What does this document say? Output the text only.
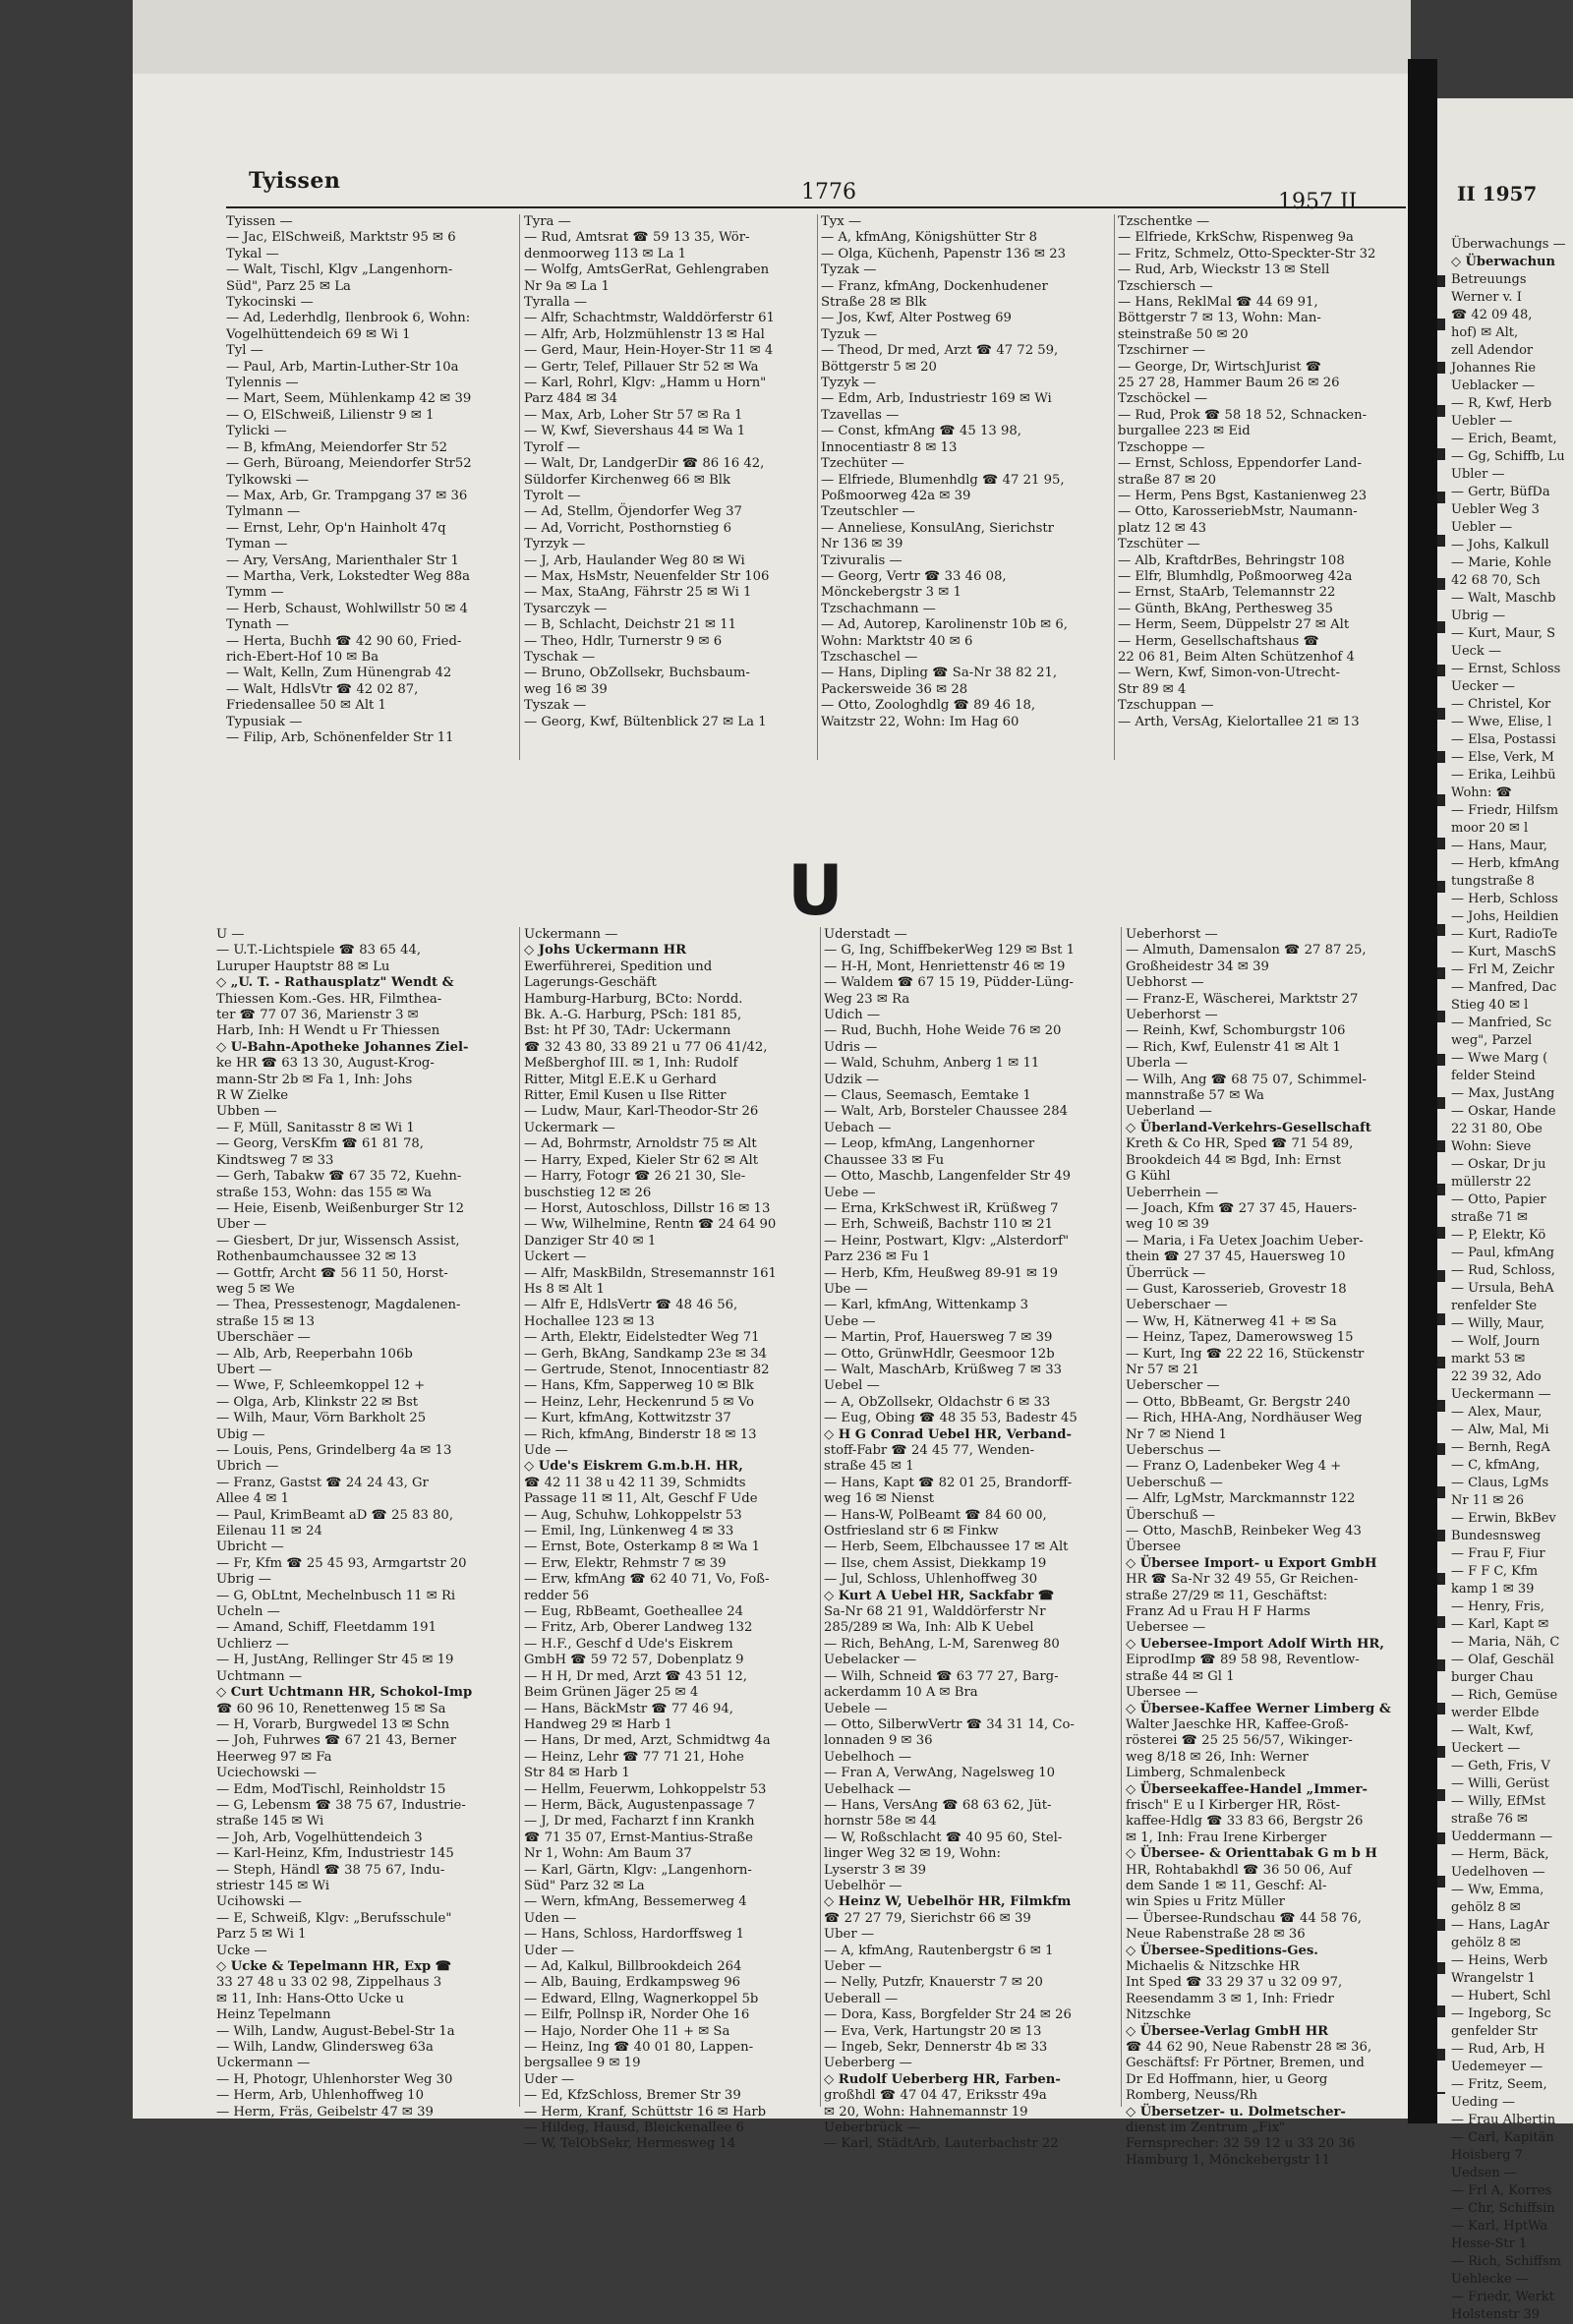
Tyissen	1776	1957 II
Tyissen —
— Jac, ElSchweiß, Marktstr 95 ✉ 6
Tykal —
— Walt, Tischl, Klgv „Langenhorn-
Süd", Parz 25 ✉ La
Tykocinski —
— Ad, Lederhdlg, Ilenbrook 6, Wohn:
Vogelhüttendeich 69 ✉ Wi 1
Tyl —
— Paul, Arb, Martin-Luther-Str 10a
Tylennis —
— Mart, Seem, Mühlenkamp 42 ✉ 39
— O, ElSchweiß, Lilienstr 9 ✉ 1
Tylicki —
— B, kfmAng, Meiendorfer Str 52
— Gerh, Büroang, Meiendorfer Str52
Tylkowski —
— Max, Arb, Gr. Trampgang 37 ✉ 36
Tylmann —
— Ernst, Lehr, Op'n Hainholt 47q
Tyman —
— Ary, VersAng, Marienthaler Str 1
— Martha, Verk, Lokstedter Weg 88a
Tymm —
— Herb, Schaust, Wohlwillstr 50 ✉ 4
Tynath —
— Herta, Buchh ☎ 42 90 60, Fried-
rich-Ebert-Hof 10 ✉ Ba
— Walt, Kelln, Zum Hünengrab 42
— Walt, HdlsVtr ☎ 42 02 87,
Friedensallee 50 ✉ Alt 1
Typusiak —
— Filip, Arb, Schönenfelder Str 11
Tyra —
— Rud, Amtsrat ☎ 59 13 35, Wör-
denmoorweg 113 ✉ La 1
— Wolfg, AmtsGerRat, Gehlengraben
Nr 9a ✉ La 1
Tyralla —
— Alfr, Schachtmstr, Walddörferstr 61
— Alfr, Arb, Holzmühlenstr 13 ✉ Hal
— Gerd, Maur, Hein-Hoyer-Str 11 ✉ 4
— Gertr, Telef, Pillauer Str 52 ✉ Wa
— Karl, Rohrl, Klgv: „Hamm u Horn"
Parz 484 ✉ 34
— Max, Arb, Loher Str 57 ✉ Ra 1
— W, Kwf, Sievershaus 44 ✉ Wa 1
Tyrolf —
— Walt, Dr, LandgerDir ☎ 86 16 42,
Süldorfer Kirchenweg 66 ✉ Blk
Tyrolt —
— Ad, Stellm, Öjendorfer Weg 37
— Ad, Vorricht, Posthornstieg 6
Tyrzyk —
— J, Arb, Haulander Weg 80 ✉ Wi
— Max, HsMstr, Neuenfelder Str 106
— Max, StaAng, Fährstr 25 ✉ Wi 1
Tysarczyk —
— B, Schlacht, Deichstr 21 ✉ 11
— Theo, Hdlr, Turnerstr 9 ✉ 6
Tyschak —
— Bruno, ObZollsekr, Buchsbaum-
weg 16 ✉ 39
Tyszak —
— Georg, Kwf, Bültenblick 27 ✉ La 1
Tyx —
— A, kfmAng, Königshütter Str 8
— Olga, Küchenh, Papenstr 136 ✉ 23
Tyzak —
— Franz, kfmAng, Dockenhudener
Straße 28 ✉ Blk
— Jos, Kwf, Alter Postweg 69
Tyzuk —
— Theod, Dr med, Arzt ☎ 47 72 59,
Böttgerstr 5 ✉ 20
Tyzyk —
— Edm, Arb, Industriestr 169 ✉ Wi
Tzavellas —
— Const, kfmAng ☎ 45 13 98,
Innocentiastr 8 ✉ 13
Tzechüter —
— Elfriede, Blumenhdlg ☎ 47 21 95,
Poßmoorweg 42a ✉ 39
Tzeutschler —
— Anneliese, KonsulAng, Sierichstr
Nr 136 ✉ 39
Tzivuralis —
— Georg, Vertr ☎ 33 46 08,
Mönckebergstr 3 ✉ 1
Tzschachmann —
— Ad, Autorep, Karolinenstr 10b ✉ 6,
Wohn: Marktstr 40 ✉ 6
Tzschaschel —
— Hans, Dipling ☎ Sa-Nr 38 82 21,
Packersweide 36 ✉ 28
— Otto, Zoologhdlg ☎ 89 46 18,
Waitzstr 22, Wohn: Im Hag 60
Tzschentke —
— Elfriede, KrkSchw, Rispenweg 9a
— Fritz, Schmelz, Otto-Speckter-Str 32
— Rud, Arb, Wieckstr 13 ✉ Stell
Tzschiersch —
— Hans, ReklMal ☎ 44 69 91,
Böttgerstr 7 ✉ 13, Wohn: Man-
steinstraße 50 ✉ 20
Tzschirner —
— George, Dr, WirtschJurist ☎
25 27 28, Hammer Baum 26 ✉ 26
Tzschöckel —
— Rud, Prok ☎ 58 18 52, Schnacken-
burgallee 223 ✉ Eid
Tzschoppe —
— Ernst, Schloss, Eppendorfer Land-
straße 87 ✉ 20
— Herm, Pens Bgst, Kastanienweg 23
— Otto, KarosseriebMstr, Naumann-
platz 12 ✉ 43
Tzschüter —
— Alb, KraftdrBes, Behringstr 108
— Elfr, Blumhdlg, Poßmoorweg 42a
— Ernst, StaArb, Telemannstr 22
— Günth, BkAng, Perthesweg 35
— Herm, Seem, Düppelstr 27 ✉ Alt
— Herm, Gesellschaftshaus ☎
22 06 81, Beim Alten Schützenhof 4
— Wern, Kwf, Simon-von-Utrecht-
Str 89 ✉ 4
Tzschuppan —
— Arth, VersAg, Kielortallee 21 ✉ 13
U
U —
— U.T.-Lichtspiele ☎ 83 65 44,
Luruper Hauptstr 88 ✉ Lu
◇ „U. T. - Rathausplatz" Wendt &
Thiessen Kom.-Ges. HR, Filmthea-
ter ☎ 77 07 36, Marienstr 3 ✉
Harb, Inh: H Wendt u Fr Thiessen
◇ U-Bahn-Apotheke Johannes Ziel-
ke HR ☎ 63 13 30, August-Krog-
mann-Str 2b ✉ Fa 1, Inh: Johs
R W Zielke
Ubben —
— F, Müll, Sanitasstr 8 ✉ Wi 1
— Georg, VersKfm ☎ 61 81 78,
Kindtsweg 7 ✉ 33
— Gerh, Tabakw ☎ 67 35 72, Kuehn-
straße 153, Wohn: das 155 ✉ Wa
— Heie, Eisenb, Weißenburger Str 12
Uber —
— Giesbert, Dr jur, Wissensch Assist,
Rothenbaumchaussee 32 ✉ 13
— Gottfr, Archt ☎ 56 11 50, Horst-
weg 5 ✉ We
— Thea, Pressestenogr, Magdalenen-
straße 15 ✉ 13
Uberschäer —
— Alb, Arb, Reeperbahn 106b
Ubert —
— Wwe, F, Schleemkoppel 12 +
— Olga, Arb, Klinkstr 22 ✉ Bst
— Wilh, Maur, Vörn Barkholt 25
Ubig —
— Louis, Pens, Grindelberg 4a ✉ 13
Ubrich —
— Franz, Gastst ☎ 24 24 43, Gr
Allee 4 ✉ 1
— Paul, KrimBeamt aD ☎ 25 83 80,
Eilenau 11 ✉ 24
Ubricht —
— Fr, Kfm ☎ 25 45 93, Armgartstr 20
Ubrig —
— G, ObLtnt, Mechelnbusch 11 ✉ Ri
Ucheln —
— Amand, Schiff, Fleetdamm 191
Uchlierz —
— H, JustAng, Rellinger Str 45 ✉ 19
Uchtmann —
◇ Curt Uchtmann HR, Schokol-Imp
☎ 60 96 10, Renettenweg 15 ✉ Sa
— H, Vorarb, Burgwedel 13 ✉ Schn
— Joh, Fuhrwes ☎ 67 21 43, Berner
Heerweg 97 ✉ Fa
Uciechowski —
— Edm, ModTischl, Reinholdstr 15
— G, Lebensm ☎ 38 75 67, Industrie-
straße 145 ✉ Wi
— Joh, Arb, Vogelhüttendeich 3
— Karl-Heinz, Kfm, Industriestr 145
— Steph, Händl ☎ 38 75 67, Indu-
striestr 145 ✉ Wi
Ucihowski —
— E, Schweiß, Klgv: „Berufsschule"
Parz 5 ✉ Wi 1
Ucke —
◇ Ucke & Tepelmann HR, Exp ☎
33 27 48 u 33 02 98, Zippelhaus 3
✉ 11, Inh: Hans-Otto Ucke u
Heinz Tepelmann
— Wilh, Landw, August-Bebel-Str 1a
— Wilh, Landw, Glindersweg 63a
Uckermann —
— H, Photogr, Uhlenhorster Weg 30
— Herm, Arb, Uhlenhoffweg 10
— Herm, Fräs, Geibelstr 47 ✉ 39
Uckermann —
◇ Johs Uckermann HR
Ewerführerei, Spedition und
Lagerungs-Geschäft
Hamburg-Harburg, BCto: Nordd.
Bk. A.-G. Harburg, PSch: 181 85,
Bst: ht Pf 30, TAdr: Uckermann
☎ 32 43 80, 33 89 21 u 77 06 41/42,
Meßberghof III. ✉ 1, Inh: Rudolf
Ritter, Mitgl E.E.K u Gerhard
Ritter, Emil Kusen u Ilse Ritter
— Ludw, Maur, Karl-Theodor-Str 26
Uckermark —
— Ad, Bohrmstr, Arnoldstr 75 ✉ Alt
— Harry, Exped, Kieler Str 62 ✉ Alt
— Harry, Fotogr ☎ 26 21 30, Sle-
buschstieg 12 ✉ 26
— Horst, Autoschloss, Dillstr 16 ✉ 13
— Ww, Wilhelmine, Rentn ☎ 24 64 90
Danziger Str 40 ✉ 1
Uckert —
— Alfr, MaskBildn, Stresemannstr 161
Hs 8 ✉ Alt 1
— Alfr E, HdlsVertr ☎ 48 46 56,
Hochallee 123 ✉ 13
— Arth, Elektr, Eidelstedter Weg 71
— Gerh, BkAng, Sandkamp 23e ✉ 34
— Gertrude, Stenot, Innocentiastr 82
— Hans, Kfm, Sapperweg 10 ✉ Blk
— Heinz, Lehr, Heckenrund 5 ✉ Vo
— Kurt, kfmAng, Kottwitzstr 37
— Rich, kfmAng, Binderstr 18 ✉ 13
Ude —
◇ Ude's Eiskrem G.m.b.H. HR,
☎ 42 11 38 u 42 11 39, Schmidts
Passage 11 ✉ 11, Alt, Geschf F Ude
— Aug, Schuhw, Lohkoppelstr 53
— Emil, Ing, Lünkenweg 4 ✉ 33
— Ernst, Bote, Osterkamp 8 ✉ Wa 1
— Erw, Elektr, Rehmstr 7 ✉ 39
— Erw, kfmAng ☎ 62 40 71, Vo, Foß-
redder 56
— Eug, RbBeamt, Goetheallee 24
— Fritz, Arb, Oberer Landweg 132
— H.F., Geschf d Ude's Eiskrem
GmbH ☎ 59 72 57, Dobenplatz 9
— H H, Dr med, Arzt ☎ 43 51 12,
Beim Grünen Jäger 25 ✉ 4
— Hans, BäckMstr ☎ 77 46 94,
Handweg 29 ✉ Harb 1
— Hans, Dr med, Arzt, Schmidtwg 4a
— Heinz, Lehr ☎ 77 71 21, Hohe
Str 84 ✉ Harb 1
— Hellm, Feuerwm, Lohkoppelstr 53
— Herm, Bäck, Augustenpassage 7
— J, Dr med, Facharzt f inn Krankh
☎ 71 35 07, Ernst-Mantius-Straße
Nr 1, Wohn: Am Baum 37
— Karl, Gärtn, Klgv: „Langenhorn-
Süd" Parz 32 ✉ La
— Wern, kfmAng, Bessemerweg 4
Uden —
— Hans, Schloss, Hardorffsweg 1
Uder —
— Ad, Kalkul, Billbrookdeich 264
— Alb, Bauing, Erdkampsweg 96
— Edward, Ellng, Wagnerkoppel 5b
— Eilfr, Pollnsp iR, Norder Ohe 16
— Hajo, Norder Ohe 11 + ✉ Sa
— Heinz, Ing ☎ 40 01 80, Lappen-
bergsallee 9 ✉ 19
Uder —
— Ed, KfzSchloss, Bremer Str 39
— Herm, Kranf, Schüttstr 16 ✉ Harb
— Hildeg, Hausd, Bleickenallee 6
— W, TelObSekr, Hermesweg 14
Uderstadt —
— G, Ing, SchiffbekerWeg 129 ✉ Bst 1
— H-H, Mont, Henriettenstr 46 ✉ 19
— Waldem ☎ 67 15 19, Püdder-Lüng-
Weg 23 ✉ Ra
Udich —
— Rud, Buchh, Hohe Weide 76 ✉ 20
Udris —
— Wald, Schuhm, Anberg 1 ✉ 11
Udzik —
— Claus, Seemasch, Eemtake 1
— Walt, Arb, Borsteler Chaussee 284
Uebach —
— Leop, kfmAng, Langenhorner
Chaussee 33 ✉ Fu
— Otto, Maschb, Langenfelder Str 49
Uebe —
— Erna, KrkSchwest iR, Krüßweg 7
— Erh, Schweiß, Bachstr 110 ✉ 21
— Heinr, Postwart, Klgv: „Alsterdorf"
Parz 236 ✉ Fu 1
— Herb, Kfm, Heußweg 89-91 ✉ 19
Ube —
— Karl, kfmAng, Wittenkamp 3
Uebe —
— Martin, Prof, Hauersweg 7 ✉ 39
— Otto, GrünwHdlr, Geesmoor 12b
— Walt, MaschArb, Krüßweg 7 ✉ 33
Uebel —
— A, ObZollsekr, Oldachstr 6 ✉ 33
— Eug, Obing ☎ 48 35 53, Badestr 45
◇ H G Conrad Uebel HR, Verband-
stoff-Fabr ☎ 24 45 77, Wenden-
straße 45 ✉ 1
— Hans, Kapt ☎ 82 01 25, Brandorff-
weg 16 ✉ Nienst
— Hans-W, PolBeamt ☎ 84 60 00,
Ostfriesland str 6 ✉ Finkw
— Herb, Seem, Elbchaussee 17 ✉ Alt
— Ilse, chem Assist, Diekkamp 19
— Jul, Schloss, Uhlenhoffweg 30
◇ Kurt A Uebel HR, Sackfabr ☎
Sa-Nr 68 21 91, Walddörferstr Nr
285/289 ✉ Wa, Inh: Alb K Uebel
— Rich, BehAng, L-M, Sarenweg 80
Uebelacker —
— Wilh, Schneid ☎ 63 77 27, Barg-
ackerdamm 10 A ✉ Bra
Uebele —
— Otto, SilberwVertr ☎ 34 31 14, Co-
lonnaden 9 ✉ 36
Uebelhoch —
— Fran A, VerwAng, Nagelsweg 10
Uebelhack —
— Hans, VersAng ☎ 68 63 62, Jüt-
hornstr 58e ✉ 44
— W, Roßschlacht ☎ 40 95 60, Stel-
linger Weg 32 ✉ 19, Wohn:
Lyserstr 3 ✉ 39
Uebelhör —
◇ Heinz W, Uebelhör HR, Filmkfm
☎ 27 27 79, Sierichstr 66 ✉ 39
Uber —
— A, kfmAng, Rautenbergstr 6 ✉ 1
Ueber —
— Nelly, Putzfr, Knauerstr 7 ✉ 20
Ueberall —
— Dora, Kass, Borgfelder Str 24 ✉ 26
— Eva, Verk, Hartungstr 20 ✉ 13
— Ingeb, Sekr, Dennerstr 4b ✉ 33
Ueberberg —
◇ Rudolf Ueberberg HR, Farben-
großhdl ☎ 47 04 47, Eriksstr 49a
✉ 20, Wohn: Hahnemannstr 19
Ueberbrück —
— Karl, StädtArb, Lauterbachstr 22
Ueberhorst —
— Almuth, Damensalon ☎ 27 87 25,
Großheidestr 34 ✉ 39
Uebhorst —
— Franz-E, Wäscherei, Marktstr 27
Ueberhorst —
— Reinh, Kwf, Schomburgstr 106
— Rich, Kwf, Eulenstr 41 ✉ Alt 1
Uberla —
— Wilh, Ang ☎ 68 75 07, Schimmel-
mannstraße 57 ✉ Wa
Ueberland —
◇ Überland-Verkehrs-Gesellschaft
Kreth & Co HR, Sped ☎ 71 54 89,
Brookdeich 44 ✉ Bgd, Inh: Ernst
G Kühl
Ueberrhein —
— Joach, Kfm ☎ 27 37 45, Hauers-
weg 10 ✉ 39
— Maria, i Fa Uetex Joachim Ueber-
thein ☎ 27 37 45, Hauersweg 10
Überrück —
— Gust, Karosserieb, Grovestr 18
Ueberschaer —
— Ww, H, Kätnerweg 41 + ✉ Sa
— Heinz, Tapez, Damerowsweg 15
— Kurt, Ing ☎ 22 22 16, Stückenstr
Nr 57 ✉ 21
Ueberscher —
— Otto, BbBeamt, Gr. Bergstr 240
— Rich, HHA-Ang, Nordhäuser Weg
Nr 7 ✉ Niend 1
Ueberschus —
— Franz O, Ladenbeker Weg 4 +
Ueberschuß —
— Alfr, LgMstr, Marckmannstr 122
Überschuß —
— Otto, MaschB, Reinbeker Weg 43
Übersee
◇ Übersee Import- u Export GmbH
HR ☎ Sa-Nr 32 49 55, Gr Reichen-
straße 27/29 ✉ 11, Geschäftst:
Franz Ad u Frau H F Harms
Uebersee —
◇ Uebersee-Import Adolf Wirth HR,
EiprodImp ☎ 89 58 98, Reventlow-
straße 44 ✉ Gl 1
Ubersee —
◇ Übersee-Kaffee Werner Limberg &
Walter Jaeschke HR, Kaffee-Groß-
rösterei ☎ 25 25 56/57, Wikinger-
weg 8/18 ✉ 26, Inh: Werner
Limberg, Schmalenbeck
◇ Überseekaffee-Handel „Immer-
frisch" E u I Kirberger HR, Röst-
kaffee-Hdlg ☎ 33 83 66, Bergstr 26
✉ 1, Inh: Frau Irene Kirberger
◇ Übersee- & Orienttabak G m b H
HR, Rohtabakhdl ☎ 36 50 06, Auf
dem Sande 1 ✉ 11, Geschf: Al-
win Spies u Fritz Müller
— Übersee-Rundschau ☎ 44 58 76,
Neue Rabenstraße 28 ✉ 36
◇ Übersee-Speditions-Ges.
Michaelis & Nitzschke HR
Int Sped ☎ 33 29 37 u 32 09 97,
Reesendamm 3 ✉ 1, Inh: Friedr
Nitzschke
◇ Übersee-Verlag GmbH HR
☎ 44 62 90, Neue Rabenstr 28 ✉ 36,
Geschäftsf: Fr Pörtner, Bremen, und
Dr Ed Hoffmann, hier, u Georg
Romberg, Neuss/Rh
◇ Übersetzer- u. Dolmetscher-
dienst im Zentrum „Fix"
Fernsprecher: 32 59 12 u 33 20 36
Hamburg 1, Mönckebergstr 11
II 1957
Überwachungs —
◇ Überwachun
Betreuungs
Werner v. I
☎ 42 09 48,
hof) ✉ Alt,
zell Adendor
Johannes Rie
Ueblacker —
— R, Kwf, Herb
Uebler —
— Erich, Beamt,
— Gg, Schiffb, Lu
Ubler —
— Gertr, BüfDa
Uebler Weg 3
Uebler —
— Johs, Kalkull
— Marie, Kohle
42 68 70, Sch
— Walt, Maschb
Ubrig —
— Kurt, Maur, S
Ueck —
— Ernst, Schloss
Uecker —
— Christel, Kor
— Wwe, Elise, l
— Elsa, Postassi
— Else, Verk, M
— Erika, Leihbü
Wohn: ☎
— Friedr, Hilfsm
moor 20 ✉ l
— Hans, Maur,
— Herb, kfmAng
tungstraße 8
— Herb, Schloss
— Johs, Heildien
— Kurt, RadioTe
— Kurt, MaschS
— Frl M, Zeichr
— Manfred, Dac
Stieg 40 ✉ l
— Manfried, Sc
weg", Parzel
— Wwe Marg (
felder Steind
— Max, JustAng
— Oskar, Hande
22 31 80, Obe
Wohn: Sieve
— Oskar, Dr ju
müllerstr 22
— Otto, Papier
straße 71 ✉
— P, Elektr, Kö
— Paul, kfmAng
— Rud, Schloss,
— Ursula, BehA
renfelder Ste
— Willy, Maur,
— Wolf, Journ
markt 53 ✉
22 39 32, Ado
Ueckermann —
— Alex, Maur,
— Alw, Mal, Mi
— Bernh, RegA
— C, kfmAng,
— Claus, LgMs
Nr 11 ✉ 26
— Erwin, BkBev
Bundesnsweg
— Frau F, Fiur
— F F C, Kfm
kamp 1 ✉ 39
— Henry, Fris,
— Karl, Kapt ✉
— Maria, Näh, C
— Olaf, Geschäl
burger Chau
— Rich, Gemüse
werder Elbde
— Walt, Kwf,
Ueckert —
— Geth, Fris, V
— Willi, Gerüst
— Willy, EfMst
straße 76 ✉
Ueddermann —
— Herm, Bäck,
Uedelhoven —
— Ww, Emma,
gehölz 8 ✉
— Hans, LagAr
gehölz 8 ✉
— Heins, Werb
Wrangelstr 1
— Hubert, Schl
— Ingeborg, Sc
genfelder Str
— Rud, Arb, H
Uedemeyer —
— Fritz, Seem,
Ueding —
— Frau Albertin
— Carl, Kapitän
Hoisberg 7
Uedsen —
— Frl A, Korres
— Chr, Schiffsin
— Karl, HptWa
Hesse-Str 1
— Rich, Schiffsm
Uehlecke —
— Friedr, Werkt
Holstenstr 39
